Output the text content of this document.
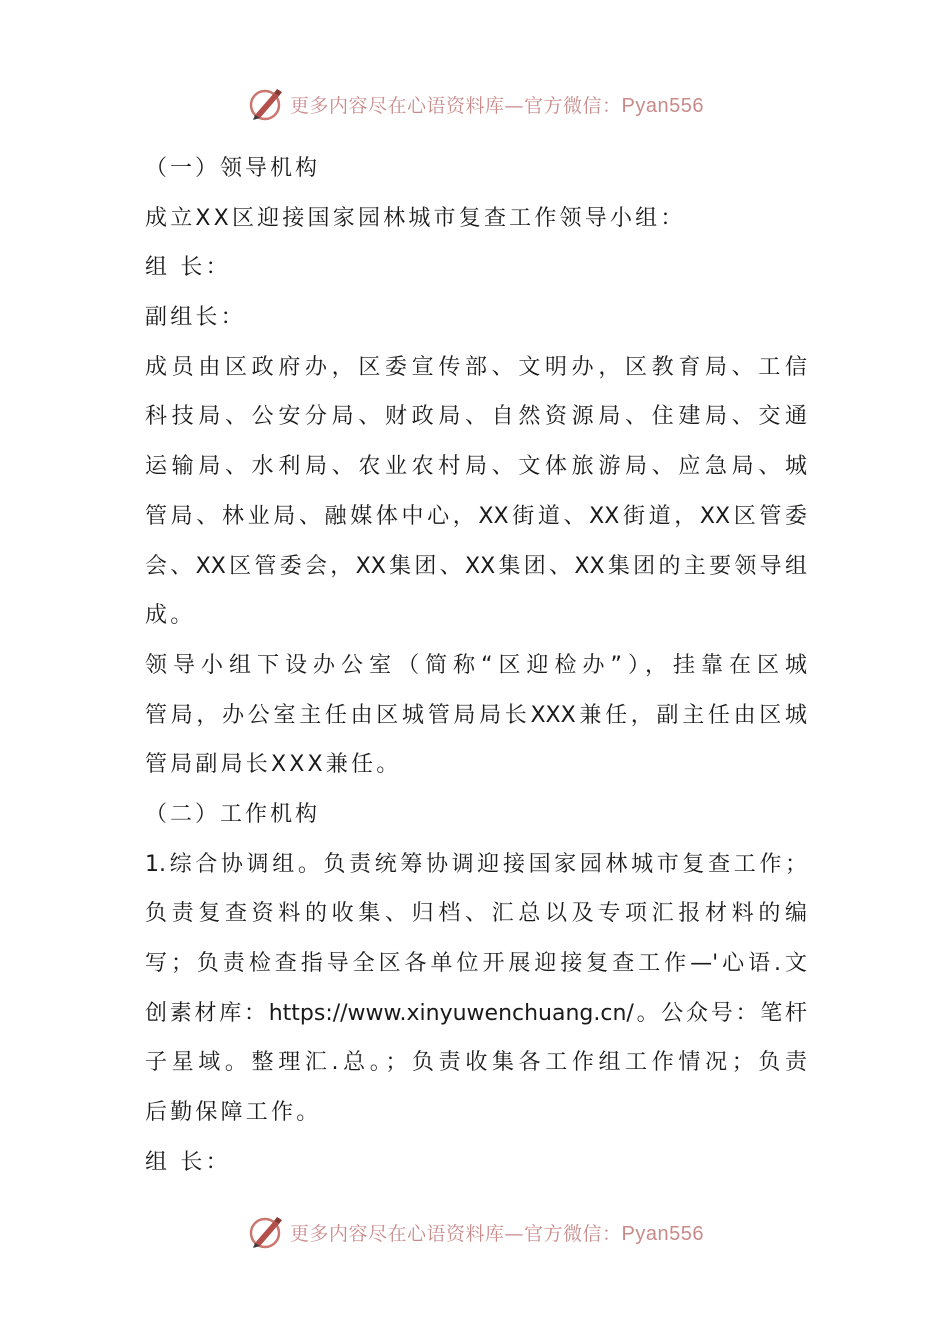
更多内容尽在心语资料库—官方微信：Pyan556
（一）领导机构
成立XX区迎接国家园林城市复查工作领导小组：
组 长：
副组长：
成员由区政府办，区委宣传部、文明办，区教育局、工信
科技局、公安分局、财政局、自然资源局、住建局、交通
运输局、水利局、农业农村局、文体旅游局、应急局、城
管局、林业局、融媒体中心，XX街道、XX街道，XX区管委
会、XX区管委会，XX集团、XX集团、XX集团的主要领导组
成。
领导小组下设办公室（简称“区迎检办”），挂靠在区城
管局，办公室主任由区城管局局长XXX兼任，副主任由区城
管局副局长XXX兼任。
（二）工作机构
1.综合协调组。负责统筹协调迎接国家园林城市复查工作；
负责复查资料的收集、归档、汇总以及专项汇报材料的编
写；负责检查指导全区各单位开展迎接复查工作—'心语.文
创素材库：https://www.xinyuwenchuang.cn/。公众号：笔杆
子星域。整理汇.总。；负责收集各工作组工作情况；负责
后勤保障工作。
组 长：
更多内容尽在心语资料库—官方微信：Pyan556
